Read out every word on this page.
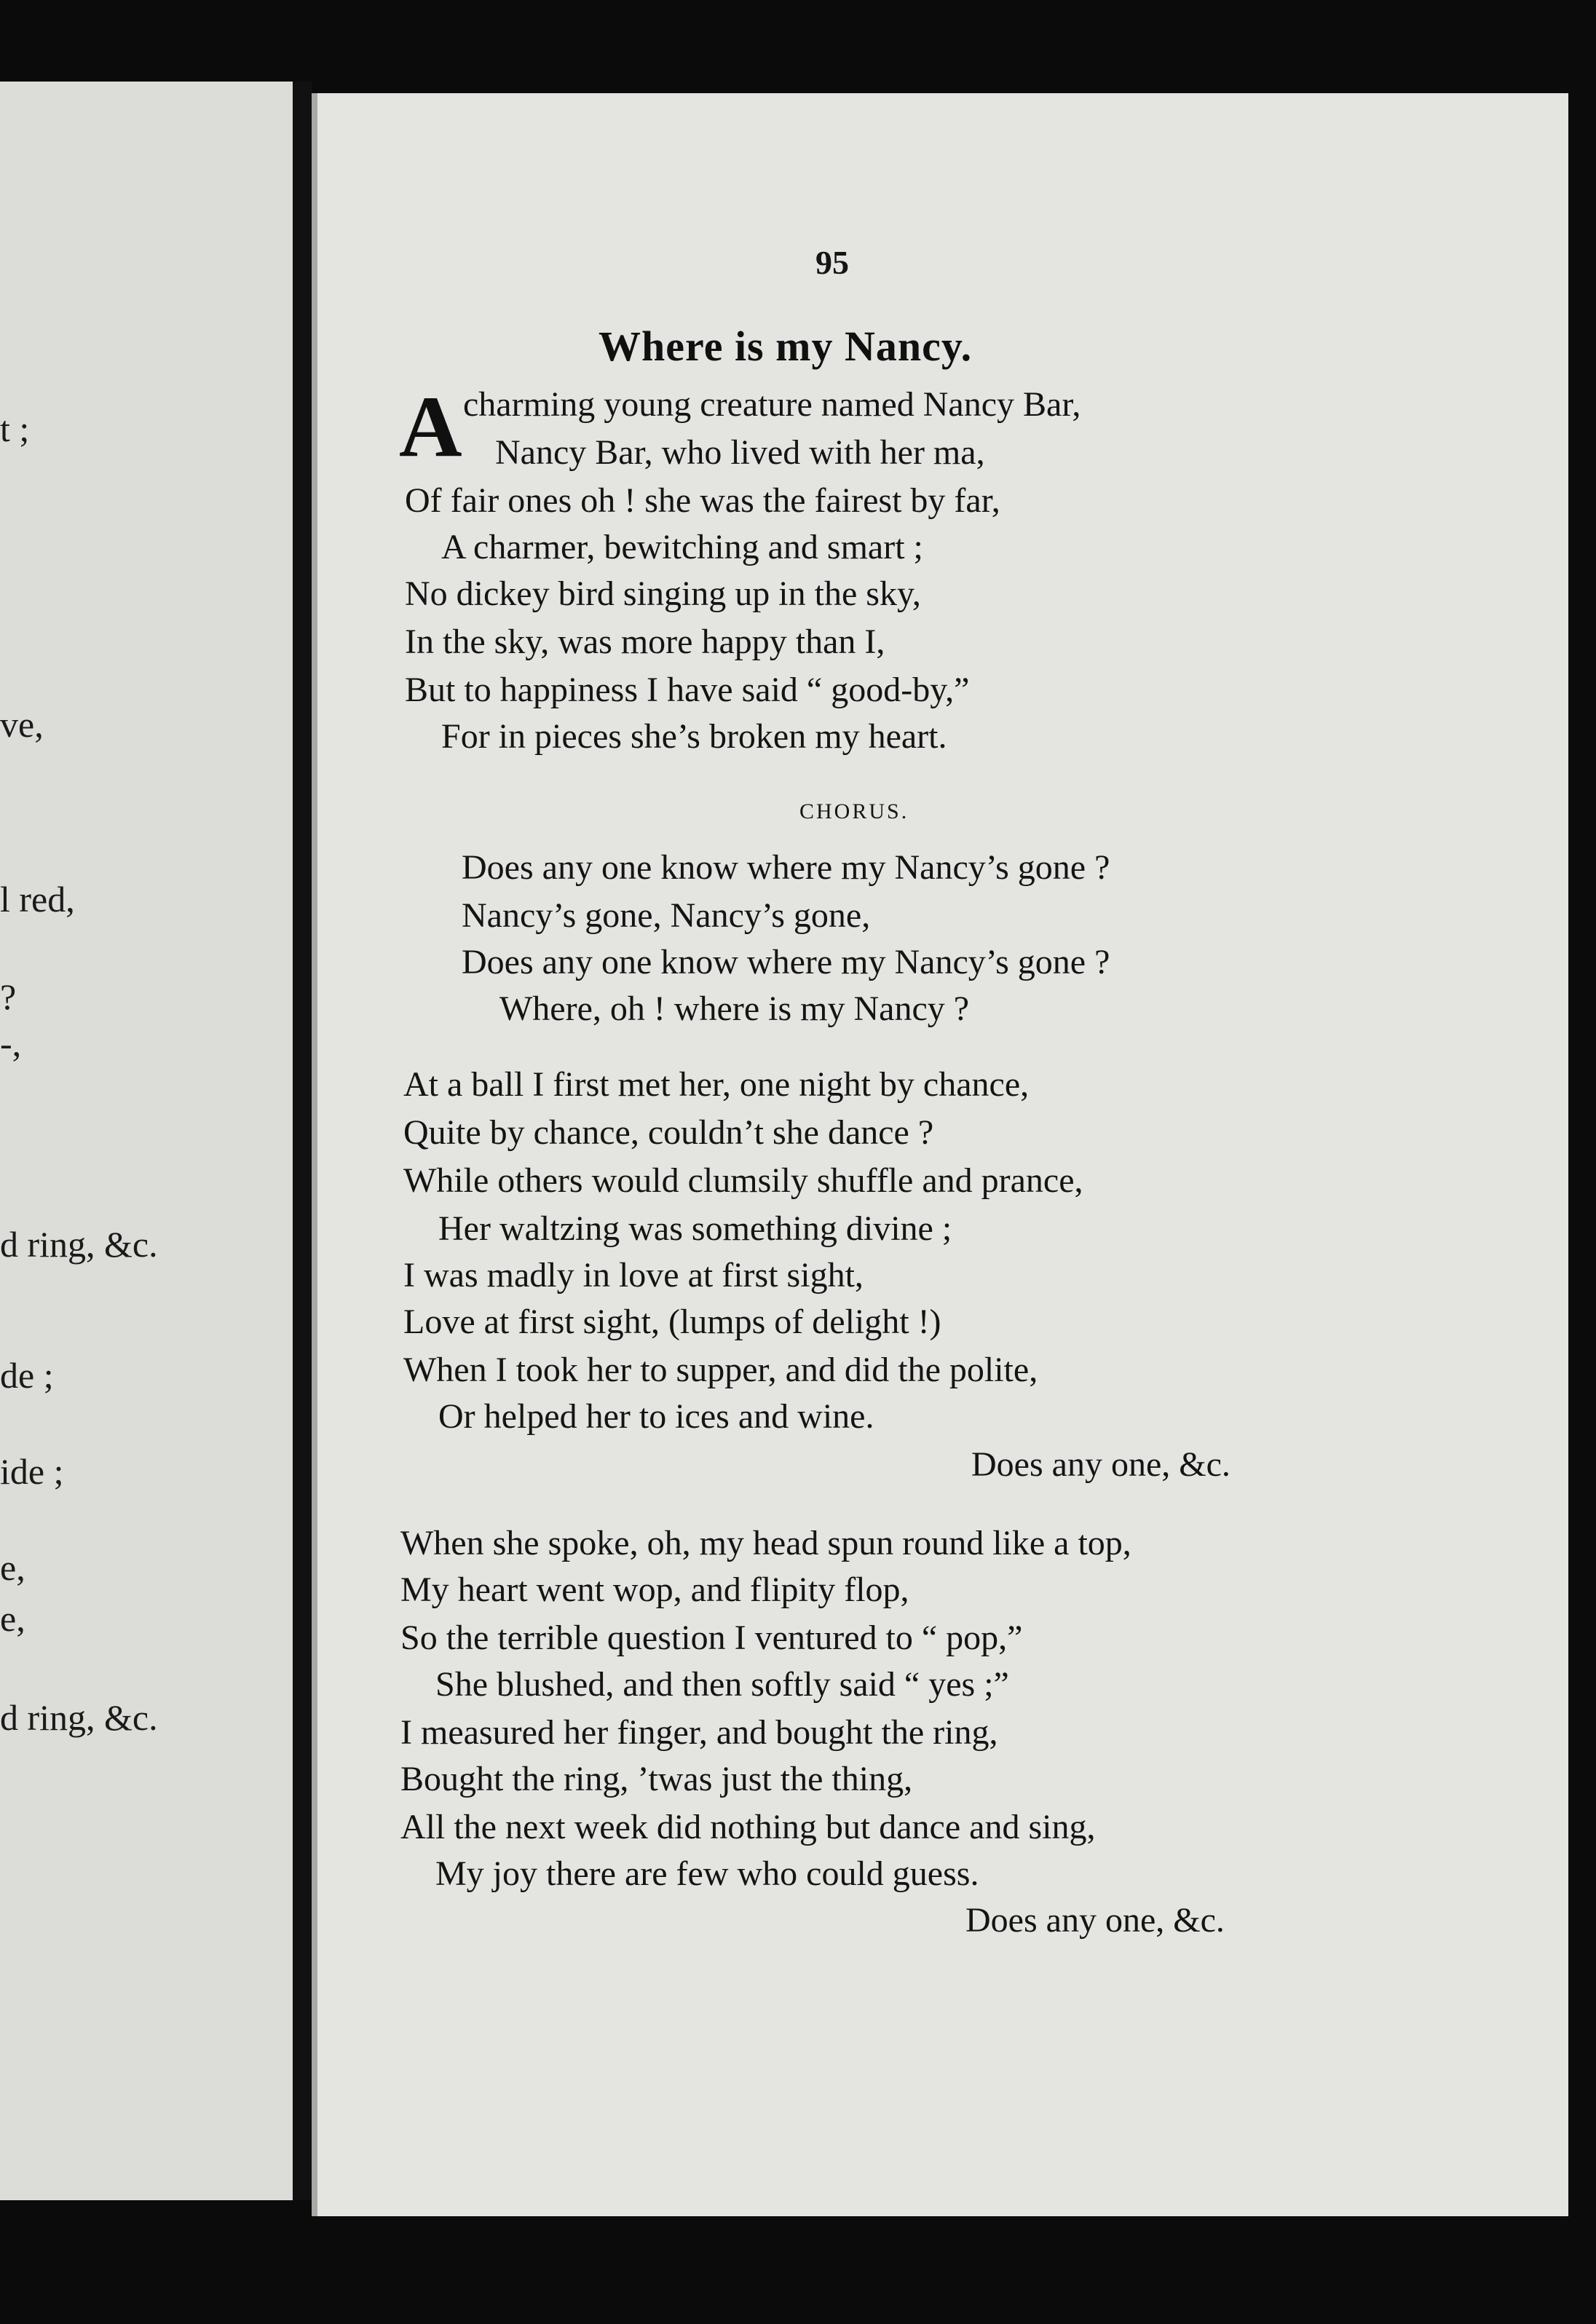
t ;
ve,
l red,
?
-,
d ring, &c.
de ;
ide ;
e,
e,
d ring, &c.
95
Where is my Nancy.
A charming young creature named Nancy Bar,
Nancy Bar, who lived with her ma,
Of fair ones oh ! she was the fairest by far,
A charmer, bewitching and smart ;
No dickey bird singing up in the sky,
In the sky, was more happy than I,
But to happiness I have said “ good-by,”
For in pieces she’s broken my heart.
CHORUS.
Does any one know where my Nancy’s gone ?
Nancy’s gone, Nancy’s gone,
Does any one know where my Nancy’s gone ?
Where, oh ! where is my Nancy ?
At a ball I first met her, one night by chance,
Quite by chance, couldn’t she dance ?
While others would clumsily shuffle and prance,
Her waltzing was something divine ;
I was madly in love at first sight,
Love at first sight, (lumps of delight !)
When I took her to supper, and did the polite,
Or helped her to ices and wine.
Does any one, &c.
When she spoke, oh, my head spun round like a top,
My heart went wop, and flipity flop,
So the terrible question I ventured to “ pop,”
She blushed, and then softly said “ yes ;”
I measured her finger, and bought the ring,
Bought the ring, ’twas just the thing,
All the next week did nothing but dance and sing,
My joy there are few who could guess.
Does any one, &c.
